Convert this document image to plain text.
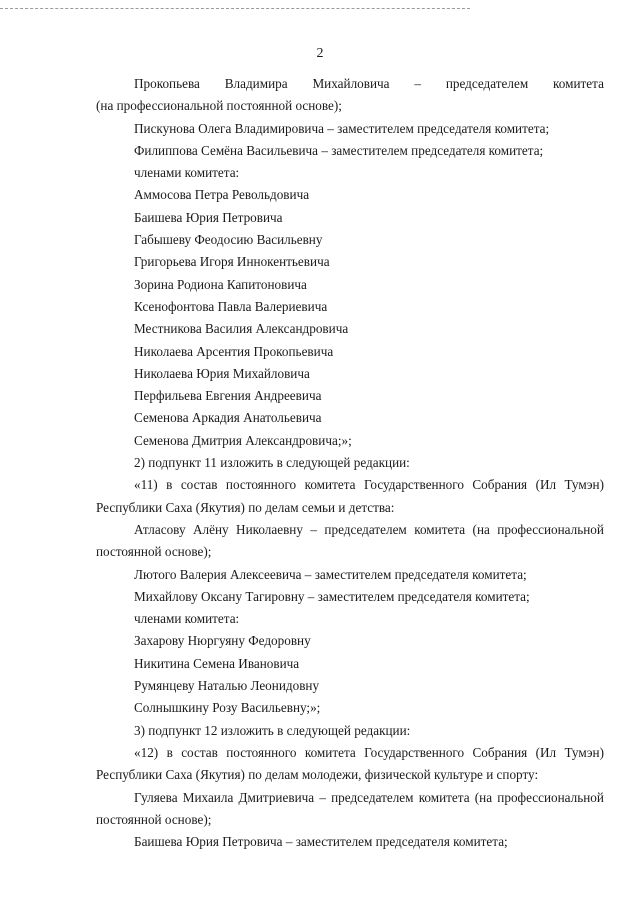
2
Прокопьева Владимира Михайловича – председателем комитета
(на профессиональной постоянной основе);
Пискунова Олега Владимировича – заместителем председателя комитета;
Филиппова Семёна Васильевича – заместителем председателя комитета;
членами комитета:
Аммосова Петра Револьдовича
Баишева Юрия Петровича
Габышеву Феодосию Васильевну
Григорьева Игоря Иннокентьевича
Зорина Родиона Капитоновича
Ксенофонтова Павла Валериевича
Местникова Василия Александровича
Николаева Арсентия Прокопьевича
Николаева Юрия Михайловича
Перфильева Евгения Андреевича
Семенова Аркадия Анатольевича
Семенова Дмитрия Александровича;»;
2) подпункт 11 изложить в следующей редакции:
«11) в состав постоянного комитета Государственного Собрания (Ил Тумэн)
Республики Саха (Якутия) по делам семьи и детства:
Атласову Алёну Николаевну – председателем комитета (на профессиональной
постоянной основе);
Лютого Валерия Алексеевича – заместителем председателя комитета;
Михайлову Оксану Тагировну – заместителем председателя комитета;
членами комитета:
Захарову Нюргуяну Федоровну
Никитина Семена Ивановича
Румянцеву Наталью Леонидовну
Солнышкину Розу Васильевну;»;
3) подпункт 12 изложить в следующей редакции:
«12) в состав постоянного комитета Государственного Собрания (Ил Тумэн)
Республики Саха (Якутия) по делам молодежи, физической культуре и спорту:
Гуляева Михаила Дмитриевича – председателем комитета (на профессиональной
постоянной основе);
Баишева Юрия Петровича – заместителем председателя комитета;
